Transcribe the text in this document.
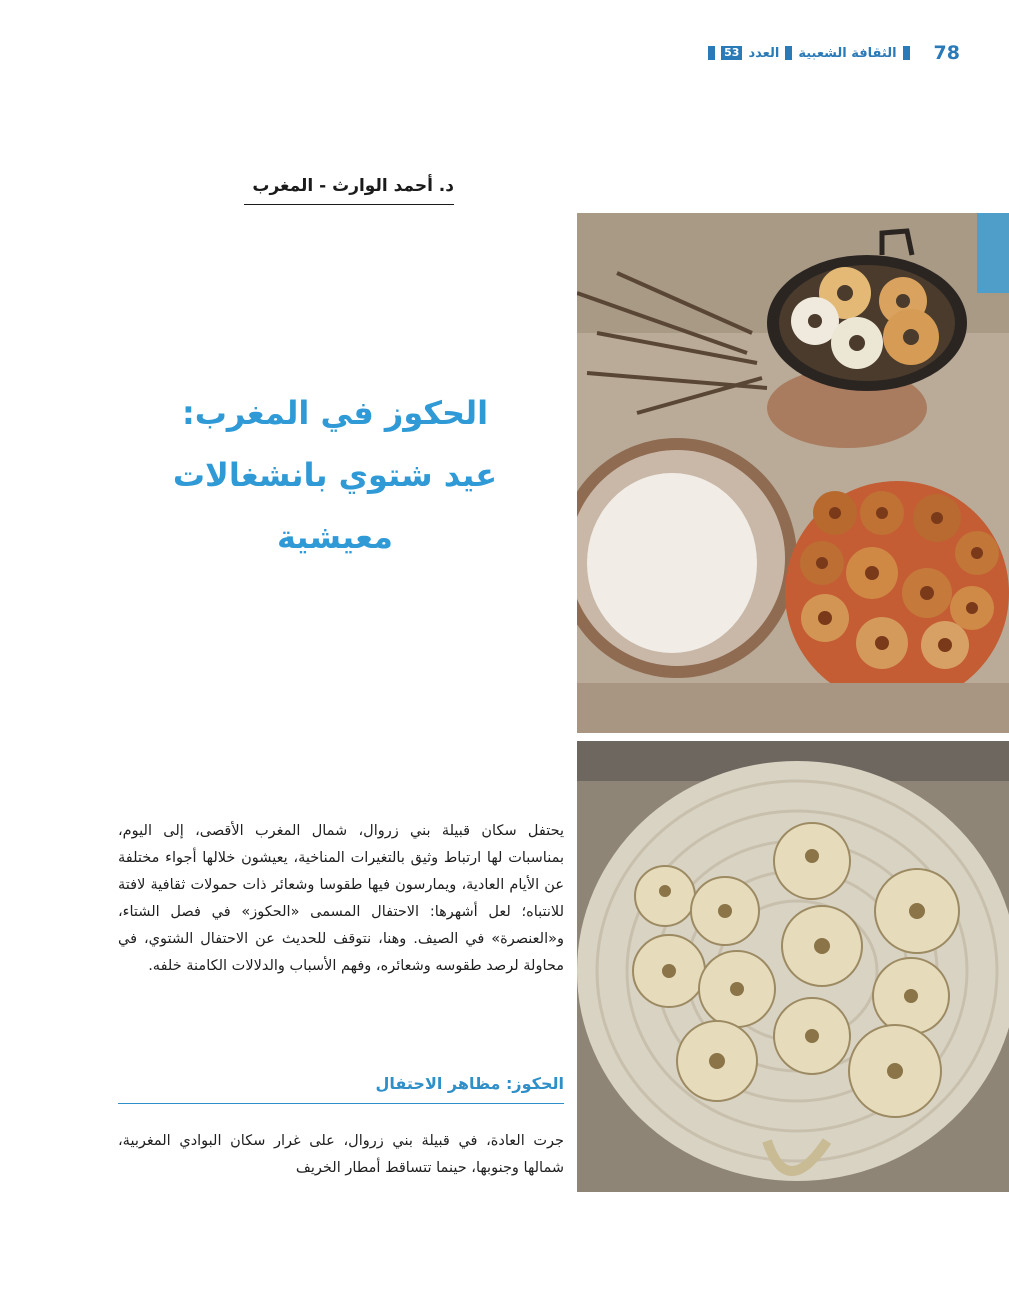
78
الثقافة الشعبية
العدد
53
د. أحمد الوارث - المغرب
الحكوز في المغرب:
عيد شتوي بانشغالات
معيشية
يحتفل سكان قبيلة بني زروال، شمال المغرب الأقصى، إلى اليوم، بمناسبات لها ارتباط وثيق بالتغيرات المناخية، يعيشون خلالها أجواء مختلفة عن الأيام العادية، ويمارسون فيها طقوسا وشعائر ذات حمولات ثقافية لافتة للانتباه؛ لعل أشهرها: الاحتفال المسمى «الحكوز» في فصل الشتاء، و«العنصرة» في الصيف. وهنا، نتوقف للحديث عن الاحتفال الشتوي، في محاولة لرصد طقوسه وشعائره، وفهم الأسباب والدلالات الكامنة خلفه.
الحكوز: مظاهر الاحتفال
جرت العادة، في قبيلة بني زروال، على غرار سكان البوادي المغربية، شمالها وجنوبها، حينما تتساقط أمطار الخريف
